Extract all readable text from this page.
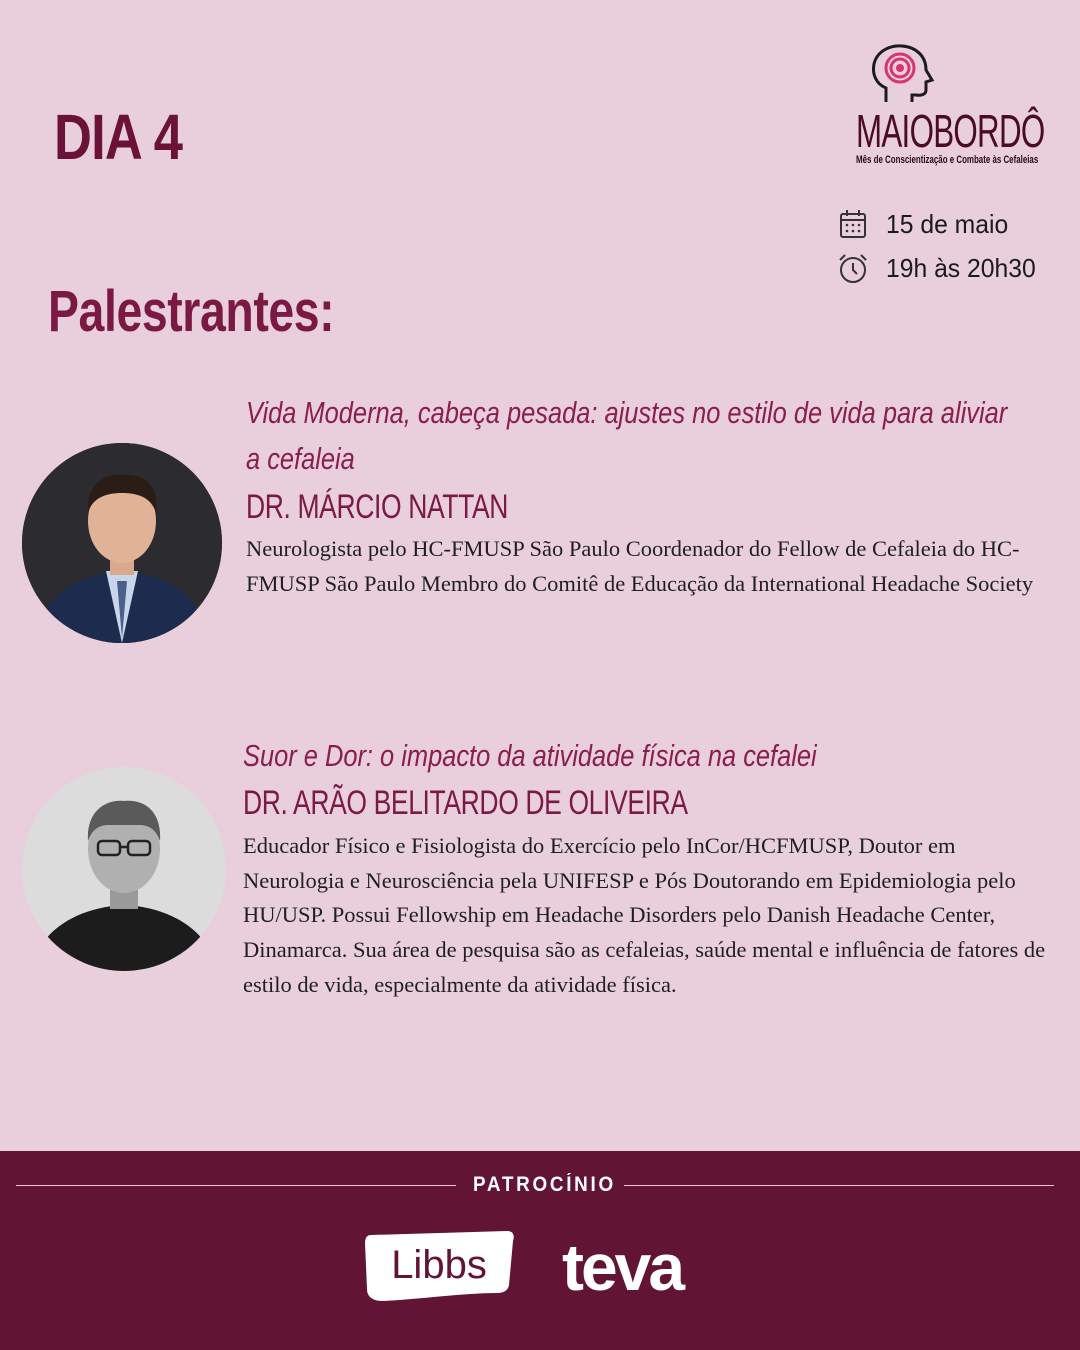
DIA 4	MAIOBORDÔ
Mês de Conscientização e Combate às Cefaleias
15 de maio
19h às 20h30
Palestrantes:
Vida Moderna, cabeça pesada: ajustes no estilo de vida para aliviar a cefaleia
DR. MÁRCIO NATTAN
Neurologista pelo HC-FMUSP São Paulo Coordenador do Fellow de Cefaleia do HC-FMUSP São Paulo Membro do Comitê de Educação da International Headache Society
Suor e Dor: o impacto da atividade física na cefalei
DR. ARÃO BELITARDO DE OLIVEIRA
Educador Físico e Fisiologista do Exercício pelo InCor/HCFMUSP, Doutor em Neurologia e Neurosciência pela UNIFESP e Pós Doutorando em Epidemiologia pelo HU/USP. Possui Fellowship em Headache Disorders pelo Danish Headache Center, Dinamarca. Sua área de pesquisa são as cefaleias, saúde mental e influência de fatores de estilo de vida, especialmente da atividade física.
PATROCÍNIO
Libbs teva
